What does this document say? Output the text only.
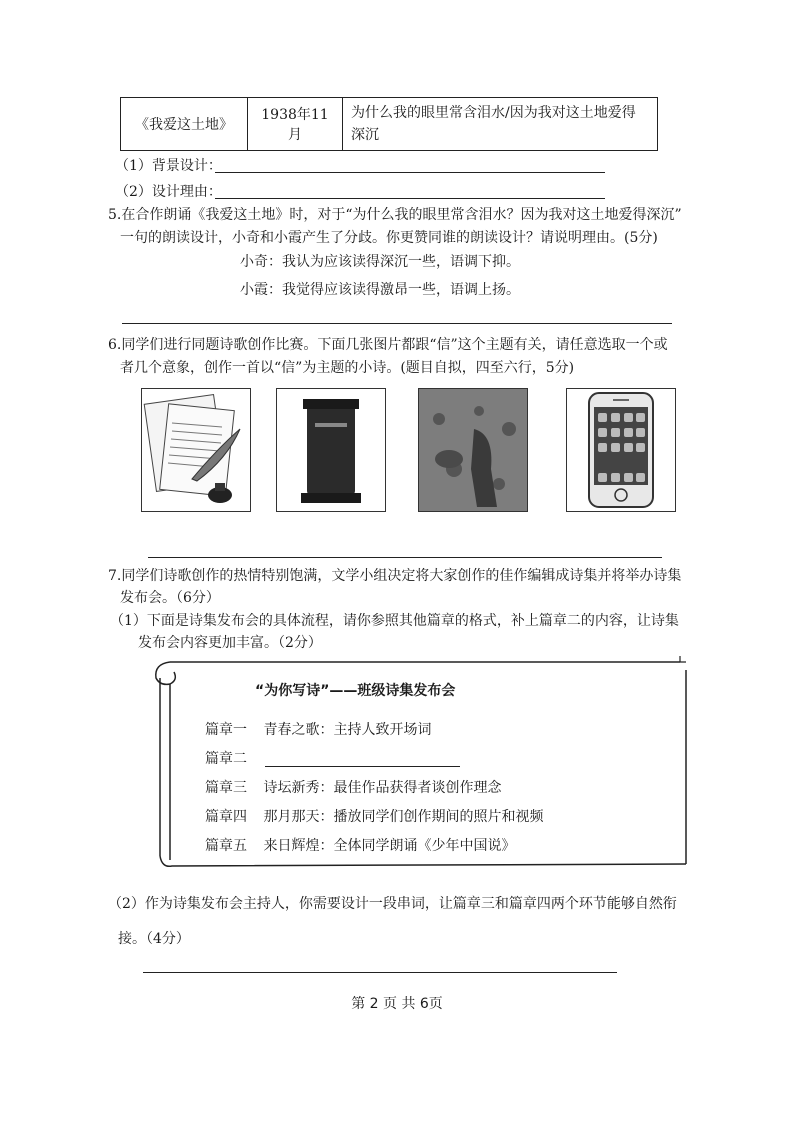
《我爱这土地》	1938年11月	为什么我的眼里常含泪水/因为我对这土地爱得深沉
（1）背景设计：
（2）设计理由：
5.在合作朗诵《我爱这土地》时，对于“为什么我的眼里常含泪水？因为我对这土地爱得深沉”
一句的朗读设计，小奇和小霞产生了分歧。你更赞同谁的朗读设计？请说明理由。(5分)
小奇：我认为应该读得深沉一些，语调下抑。
小霞：我觉得应该读得激昂一些，语调上扬。
6.同学们进行同题诗歌创作比赛。下面几张图片都跟“信”这个主题有关，请任意选取一个或
者几个意象，创作一首以“信”为主题的小诗。(题目自拟，四至六行，5分)
7.同学们诗歌创作的热情特别饱满，文学小组决定将大家创作的佳作编辑成诗集并将举办诗集
发布会。（6分）
（1）下面是诗集发布会的具体流程，请你参照其他篇章的格式，补上篇章二的内容，让诗集
发布会内容更加丰富。（2分）
“为你写诗”——班级诗集发布会
篇章一 青春之歌：主持人致开场词
篇章二
篇章三 诗坛新秀：最佳作品获得者谈创作理念
篇章四 那月那天：播放同学们创作期间的照片和视频
篇章五 来日辉煌：全体同学朗诵《少年中国说》
（2）作为诗集发布会主持人，你需要设计一段串词，让篇章三和篇章四两个环节能够自然衔
接。（4分）
第 2 页 共 6页
